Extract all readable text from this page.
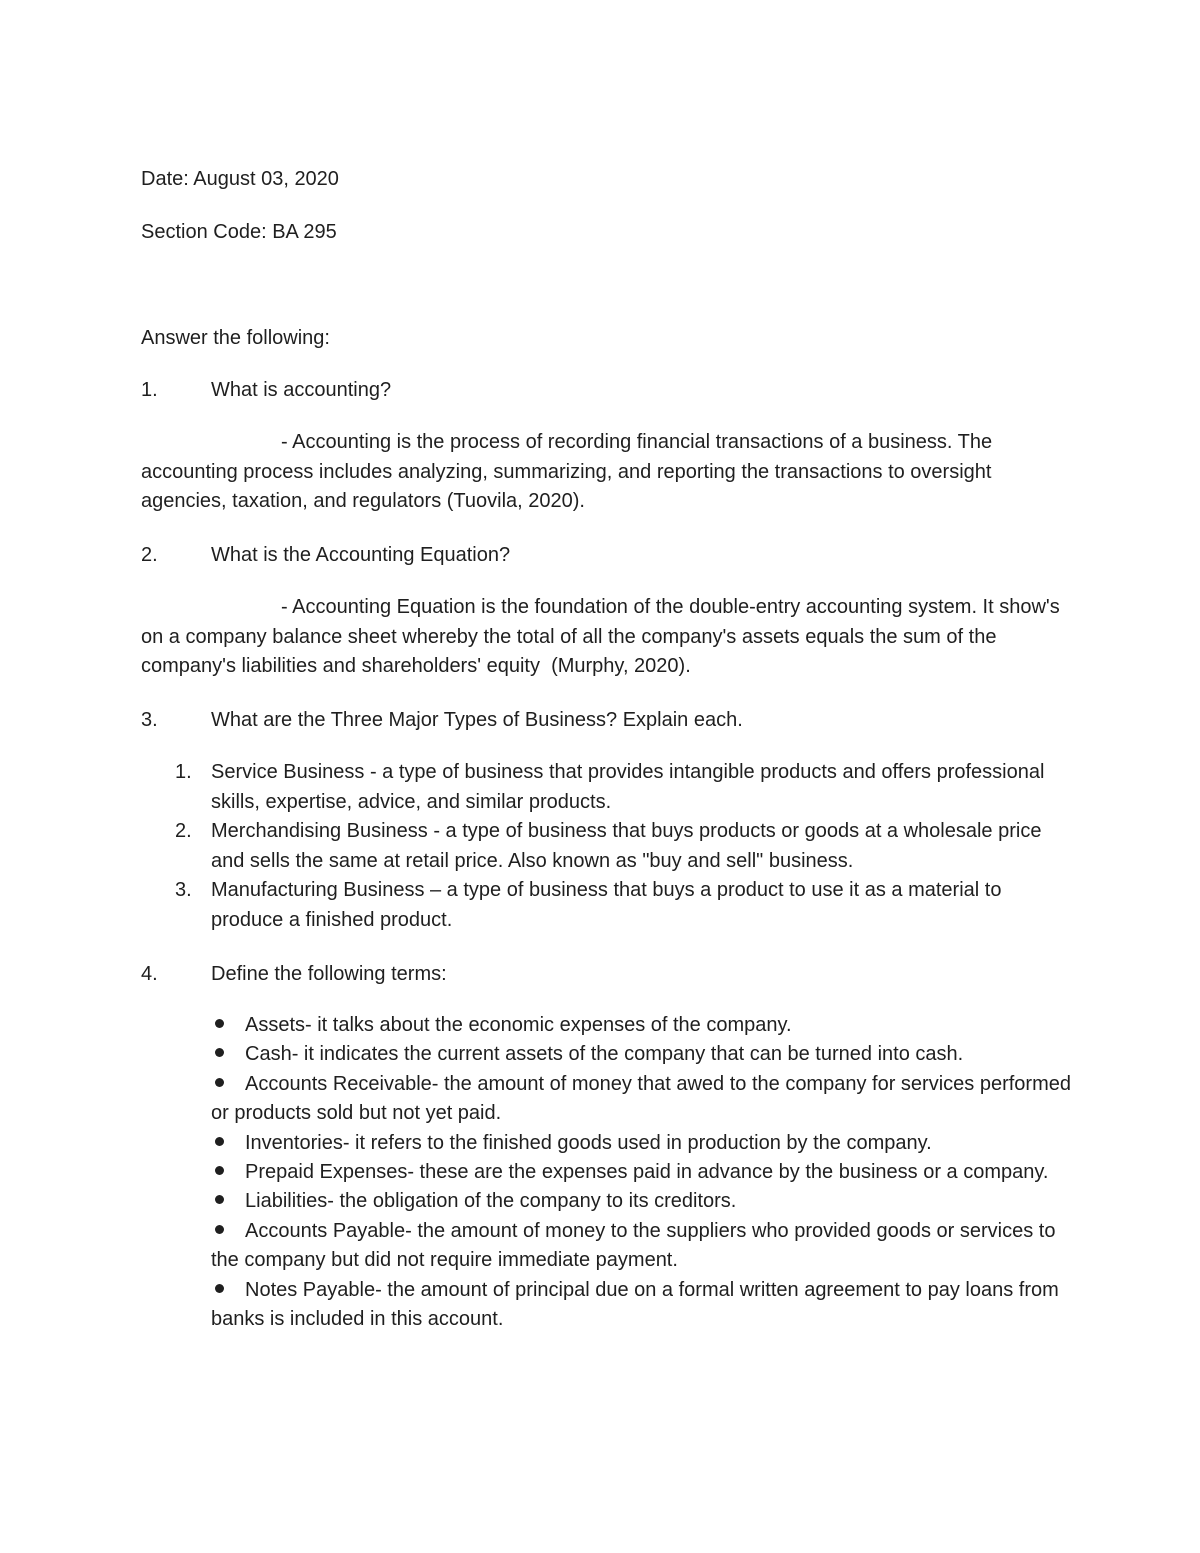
Date: August 03, 2020
Section Code: BA 295
Answer the following:
1.	What is accounting?

- Accounting is the process of recording financial transactions of a business. The accounting process includes analyzing, summarizing, and reporting the transactions to oversight agencies, taxation, and regulators (Tuovila, 2020).

2.	What is the Accounting Equation?

- Accounting Equation is the foundation of the double-entry accounting system. It show's on a company balance sheet whereby the total of all the company's assets equals the sum of the company's liabilities and shareholders' equity  (Murphy, 2020).

3.	What are the Three Major Types of Business? Explain each.
1. Service Business - a type of business that provides intangible products and offers professional skills, expertise, advice, and similar products.
2. Merchandising Business - a type of business that buys products or goods at a wholesale price and sells the same at retail price. Also known as "buy and sell" business.
3. Manufacturing Business – a type of business that buys a product to use it as a material to produce a finished product.
4.	Define the following terms:
Assets- it talks about the economic expenses of the company.
Cash- it indicates the current assets of the company that can be turned into cash.
Accounts Receivable- the amount of money that awed to the company for services performed or products sold but not yet paid.
Inventories- it refers to the finished goods used in production by the company.
Prepaid Expenses- these are the expenses paid in advance by the business or a company.
Liabilities- the obligation of the company to its creditors.
Accounts Payable- the amount of money to the suppliers who provided goods or services to the company but did not require immediate payment.
Notes Payable- the amount of principal due on a formal written agreement to pay loans from banks is included in this account.
